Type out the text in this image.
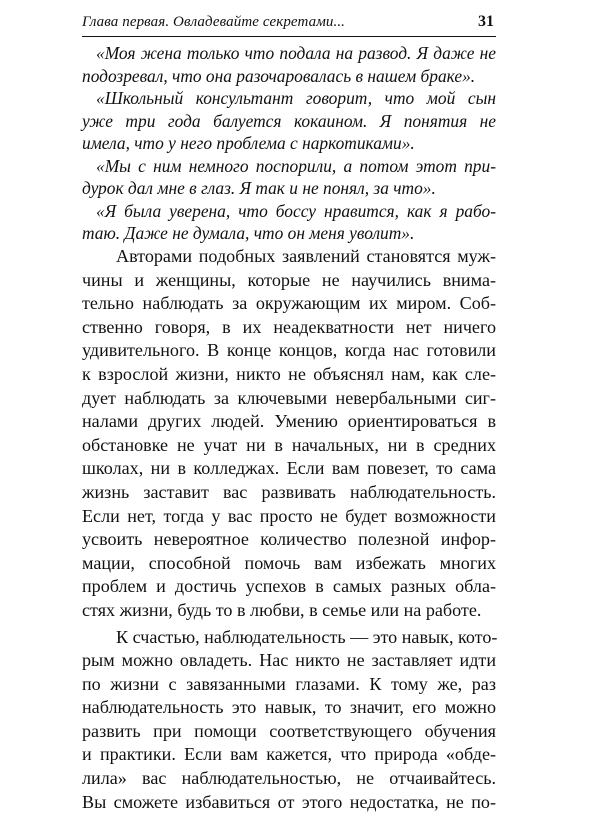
Глава первая. Овладевайте секретами...	31
«Моя жена только что подала на развод. Я даже не
подозревал, что она разочаровалась в нашем браке».
«Школьный консультант говорит, что мой сын
уже три года балуется кокаином. Я понятия не
имела, что у него проблема с наркотиками».
«Мы с ним немного поспорили, а потом этот при-
дурок дал мне в глаз. Я так и не понял, за что».
«Я была уверена, что боссу нравится, как я рабо-
таю. Даже не думала, что он меня уволит».
Авторами подобных заявлений становятся муж-
чины и женщины, которые не научились внима-
тельно наблюдать за окружающим их миром. Соб-
ственно говоря, в их неадекватности нет ничего
удивительного. В конце концов, когда нас готовили
к взрослой жизни, никто не объяснял нам, как сле-
дует наблюдать за ключевыми невербальными сиг-
налами других людей. Умению ориентироваться в
обстановке не учат ни в начальных, ни в средних
школах, ни в колледжах. Если вам повезет, то сама
жизнь заставит вас развивать наблюдательность.
Если нет, тогда у вас просто не будет возможности
усвоить невероятное количество полезной инфор-
мации, способной помочь вам избежать многих
проблем и достичь успехов в самых разных обла-
стях жизни, будь то в любви, в семье или на работе.
К счастью, наблюдательность — это навык, кото-
рым можно овладеть. Нас никто не заставляет идти
по жизни с завязанными глазами. К тому же, раз
наблюдательность это навык, то значит, его можно
развить при помощи соответствующего обучения
и практики. Если вам кажется, что природа «обде-
лила» вас наблюдательностью, не отчаивайтесь.
Вы сможете избавиться от этого недостатка, не по-
